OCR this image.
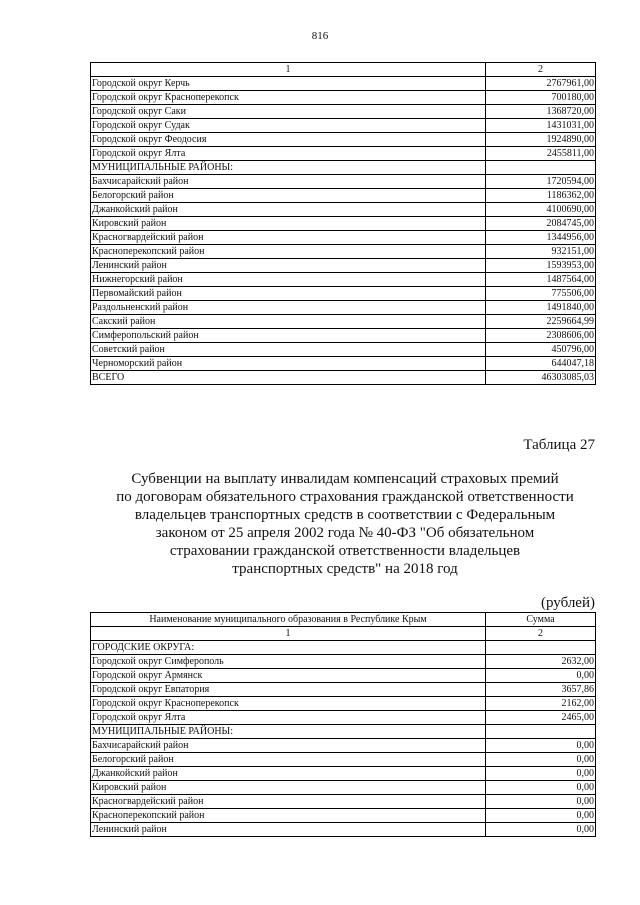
816
1	2
Городской округ Керчь	2767961,00
Городской округ Красноперекопск	700180,00
Городской округ Саки	1368720,00
Городской округ Судак	1431031,00
Городской округ Феодосия	1924890,00
Городской округ Ялта	2455811,00
МУНИЦИПАЛЬНЫЕ РАЙОНЫ:	
Бахчисарайский район	1720594,00
Белогорский район	1186362,00
Джанкойский район	4100690,00
Кировский район	2084745,00
Красногвардейский район	1344956,00
Красноперекопский район	932151,00
Ленинский район	1593953,00
Нижнегорский район	1487564,00
Первомайский район	775506,00
Раздольненский район	1491840,00
Сакский район	2259664,99
Симферопольский район	2308606,00
Советский район	450796,00
Черноморский район	644047,18
ВСЕГО	46303085,03
Таблица 27
Субвенции на выплату инвалидам компенсаций страховых премий
по договорам обязательного страхования гражданской ответственности
владельцев транспортных средств в соответствии с Федеральным
законом от 25 апреля 2002 года № 40-ФЗ "Об обязательном
страховании гражданской ответственности владельцев
транспортных средств" на 2018 год
(рублей)
Наименование муниципального образования в Республике Крым	Сумма
1	2
ГОРОДСКИЕ ОКРУГА:	
Городской округ Симферополь	2632,00
Городской округ Армянск	0,00
Городской округ Евпатория	3657,86
Городской округ Красноперекопск	2162,00
Городской округ Ялта	2465,00
МУНИЦИПАЛЬНЫЕ РАЙОНЫ:	
Бахчисарайский район	0,00
Белогорский район	0,00
Джанкойский район	0,00
Кировский район	0,00
Красногвардейский район	0,00
Красноперекопский район	0,00
Ленинский район	0,00
